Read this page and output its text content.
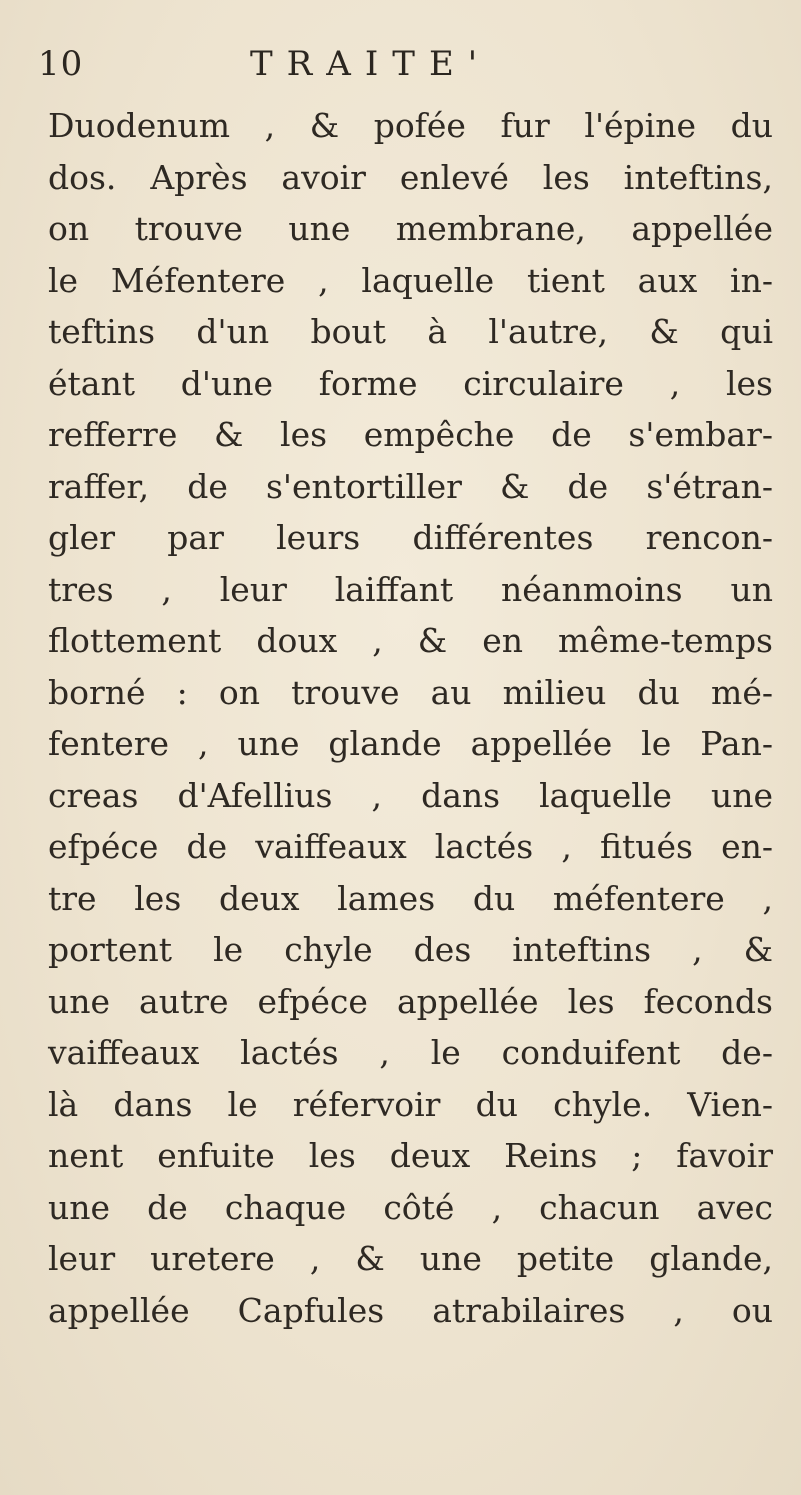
10	TRAITE'
Duodenum , & pofée fur l'épine du
dos. Après avoir enlevé les inteftins,
on trouve une membrane, appellée
le Méfentere , laquelle tient aux in-
teftins d'un bout à l'autre, & qui
étant d'une forme circulaire , les
refferre & les empêche de s'embar-
raffer, de s'entortiller & de s'étran-
gler par leurs différentes rencon-
tres , leur laiffant néanmoins un
flottement doux , & en même-temps
borné : on trouve au milieu du mé-
fentere , une glande appellée le Pan-
creas d'Afellius , dans laquelle une
efpéce de vaiffeaux lactés , fitués en-
tre les deux lames du méfentere ,
portent le chyle des inteftins , &
une autre efpéce appellée les feconds
vaiffeaux lactés , le conduifent de-
là dans le réfervoir du chyle. Vien-
nent enfuite les deux Reins ; favoir
une de chaque côté , chacun avec
leur uretere , & une petite glande,
appellée Capfules atrabilaires , ou
